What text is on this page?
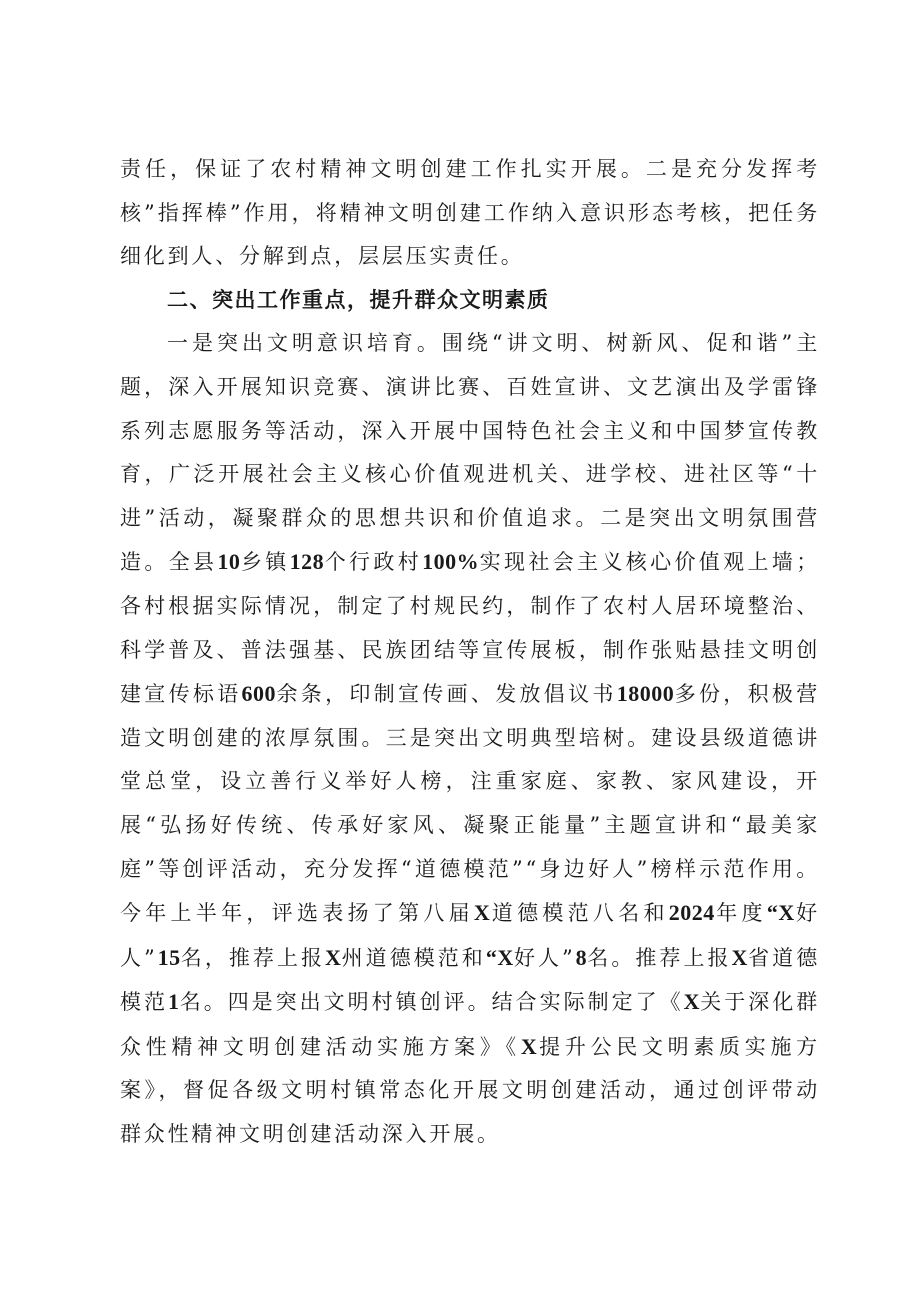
责任，保证了农村精神文明创建工作扎实开展。二是充分发挥考核”指挥棒”作用，将精神文明创建工作纳入意识形态考核，把任务细化到人、分解到点，层层压实责任。

二、突出工作重点，提升群众文明素质

一是突出文明意识培育。围绕“讲文明、树新风、促和谐”主题，深入开展知识竞赛、演讲比赛、百姓宣讲、文艺演出及学雷锋系列志愿服务等活动，深入开展中国特色社会主义和中国梦宣传教育，广泛开展社会主义核心价值观进机关、进学校、进社区等“十进”活动，凝聚群众的思想共识和价值追求。二是突出文明氛围营造。全县10乡镇128个行政村100%实现社会主义核心价值观上墙；各村根据实际情况，制定了村规民约，制作了农村人居环境整治、科学普及、普法强基、民族团结等宣传展板，制作张贴悬挂文明创建宣传标语600余条，印制宣传画、发放倡议书18000多份，积极营造文明创建的浓厚氛围。三是突出文明典型培树。建设县级道德讲堂总堂，设立善行义举好人榜，注重家庭、家教、家风建设，开展“弘扬好传统、传承好家风、凝聚正能量”主题宣讲和“最美家庭”等创评活动，充分发挥“道德模范”“身边好人”榜样示范作用。今年上半年，评选表扬了第八届X道德模范八名和2024年度“X好人”15名，推荐上报X州道德模范和“X好人”8名。推荐上报X省道德模范1名。四是突出文明村镇创评。结合实际制定了《X关于深化群众性精神文明创建活动实施方案》《X提升公民文明素质实施方案》，督促各级文明村镇常态化开展文明创建活动，通过创评带动群众性精神文明创建活动深入开展。
